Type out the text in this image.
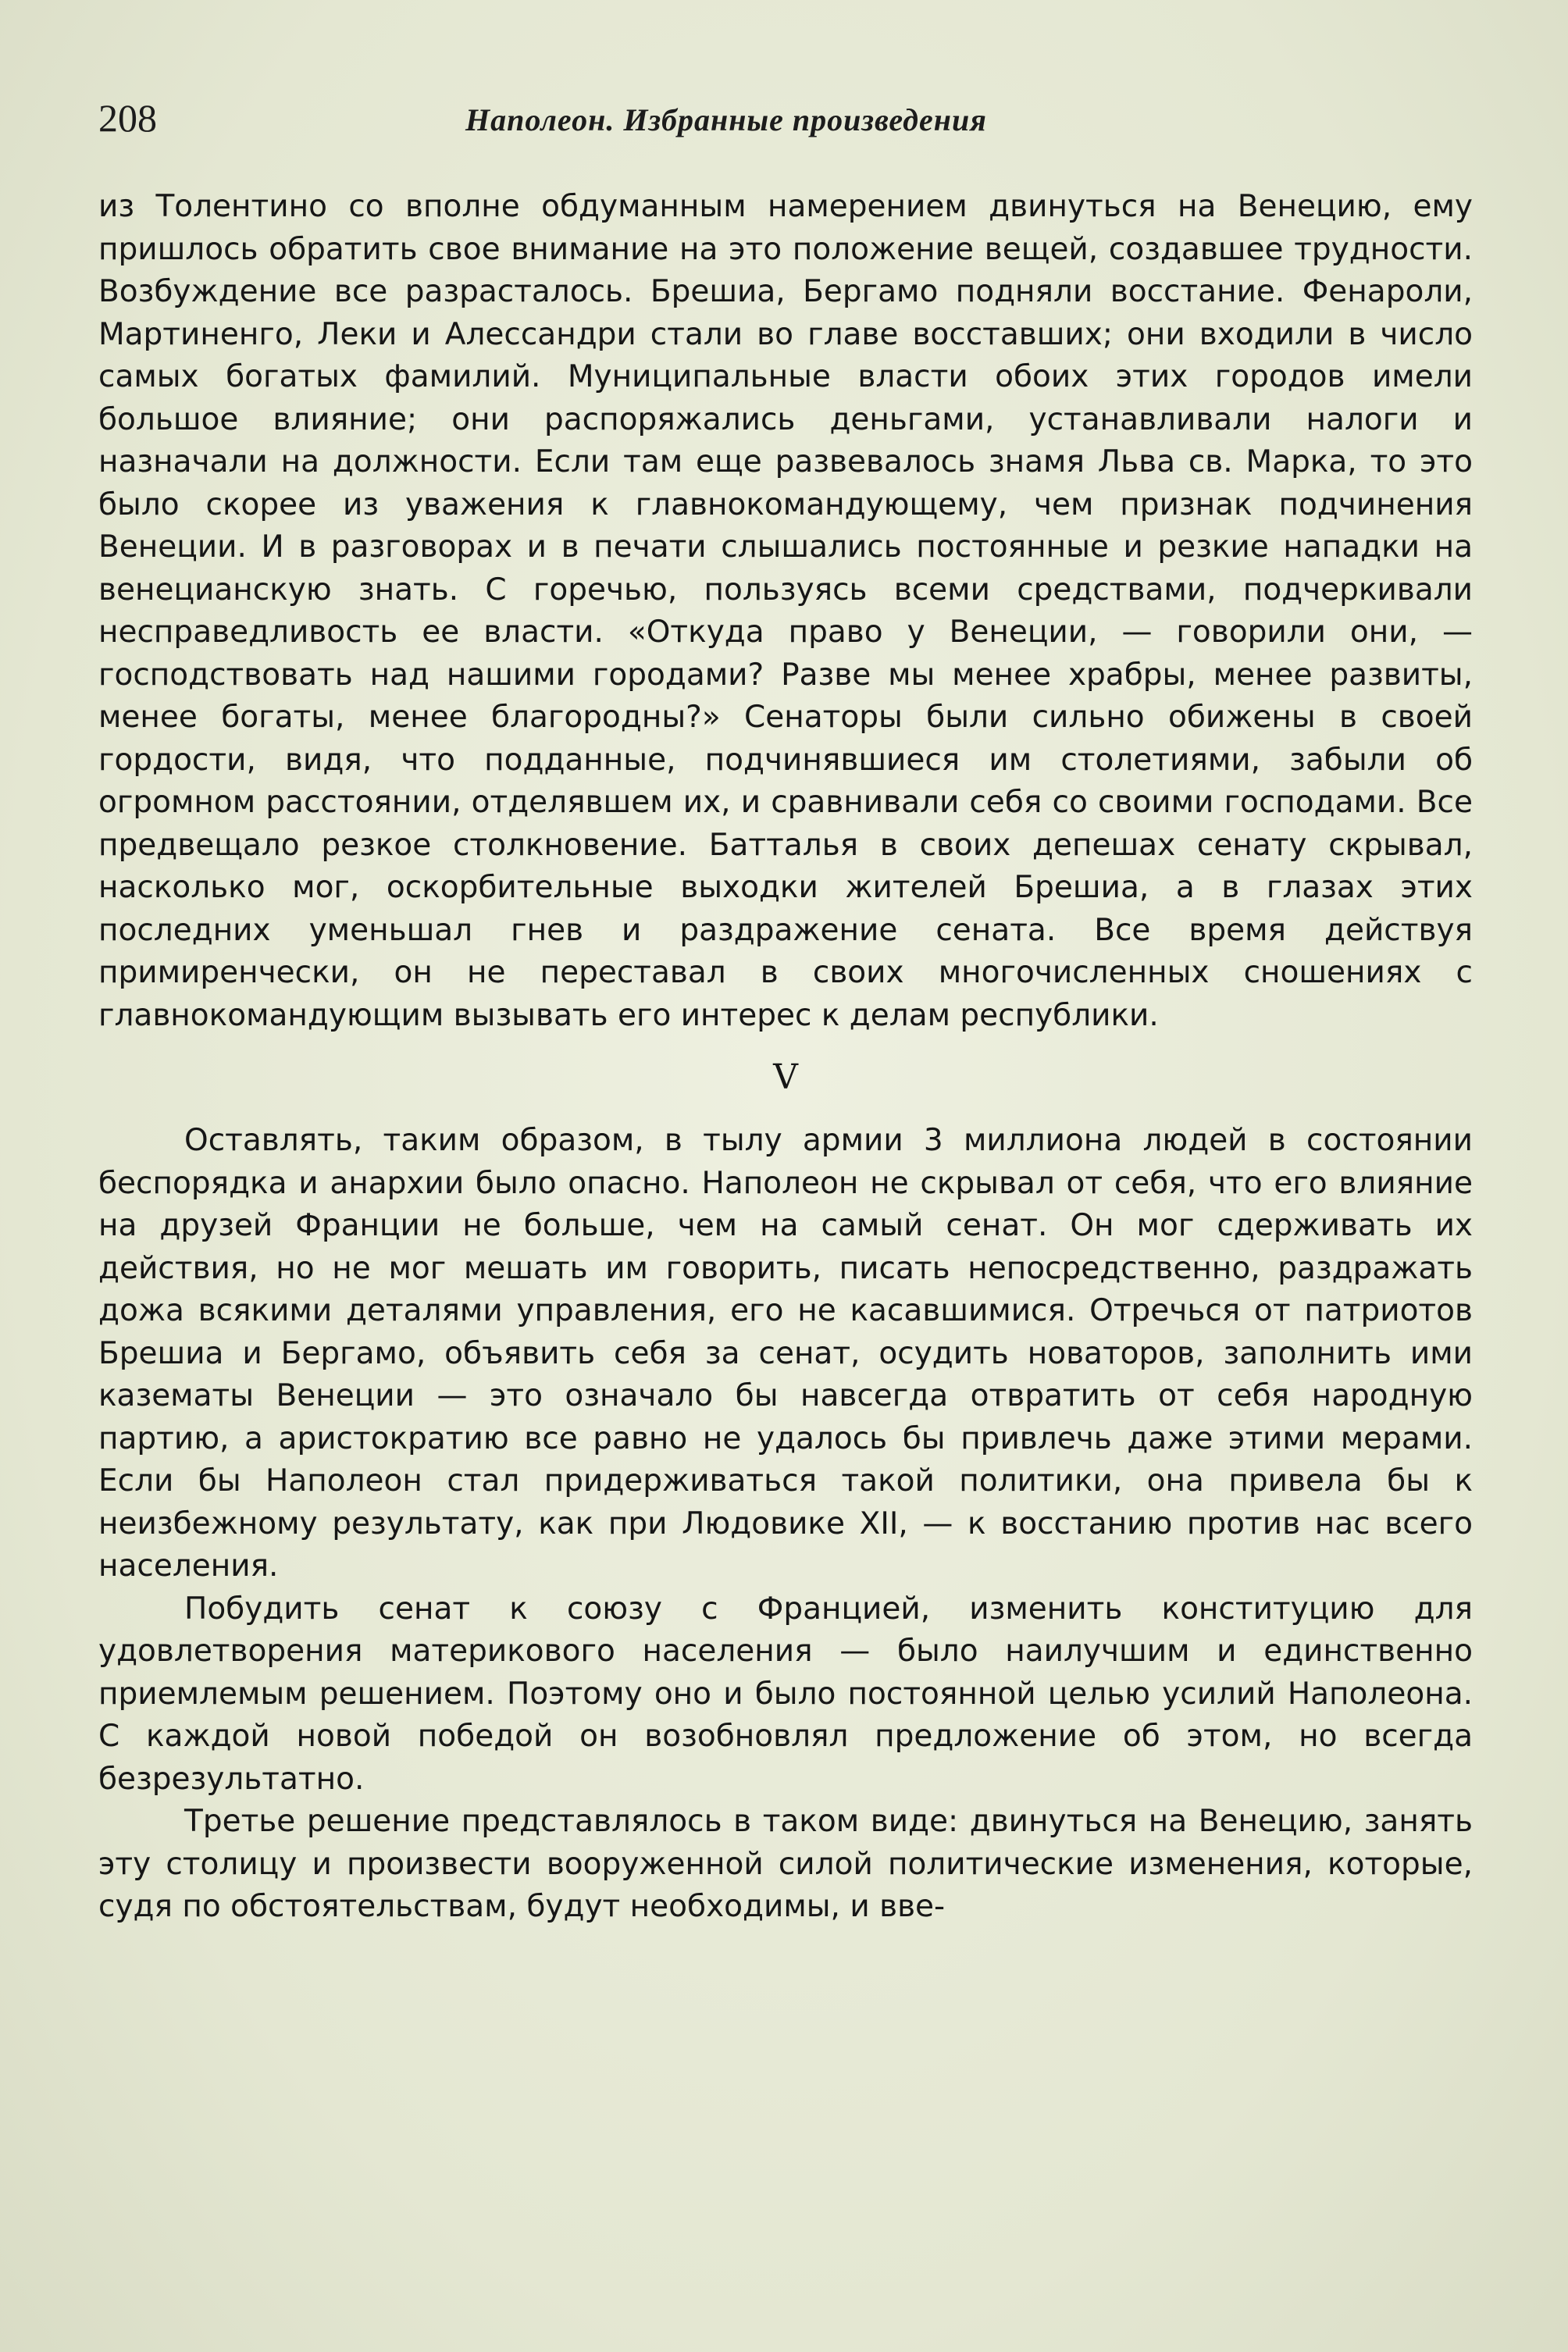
208	Наполеон. Избранные произведения

из Толентино со вполне обдуманным намерением двинуться на Венецию, ему пришлось обратить свое внимание на это положение вещей, создавшее трудности. Возбуждение все разрасталось. Брешиа, Бергамо подняли восстание. Фенароли, Мартиненго, Леки и Алессандри стали во главе восставших; они входили в число самых богатых фамилий. Муниципальные власти обоих этих городов имели большое влияние; они распоряжались деньгами, устанавливали налоги и назначали на должности. Если там еще развевалось знамя Льва св. Марка, то это было скорее из уважения к главнокомандующему, чем признак подчинения Венеции. И в разговорах и в печати слышались постоянные и резкие нападки на венецианскую знать. С горечью, пользуясь всеми средствами, подчеркивали несправедливость ее власти. «Откуда право у Венеции, — говорили они, — господствовать над нашими городами? Разве мы менее храбры, менее развиты, менее богаты, менее благородны?» Сенаторы были сильно обижены в своей гордости, видя, что подданные, подчинявшиеся им столетиями, забыли об огромном расстоянии, отделявшем их, и сравнивали себя со своими господами. Все предвещало резкое столкновение. Батталья в своих депешах сенату скрывал, насколько мог, оскорбительные выходки жителей Брешиа, а в глазах этих последних уменьшал гнев и раздражение сената. Все время действуя примиренчески, он не переставал в своих многочисленных сношениях с главнокомандующим вызывать его интерес к делам республики.

V

Оставлять, таким образом, в тылу армии 3 миллиона людей в состоянии беспорядка и анархии было опасно. Наполеон не скрывал от себя, что его влияние на друзей Франции не больше, чем на самый сенат. Он мог сдерживать их действия, но не мог мешать им говорить, писать непосредственно, раздражать дожа всякими деталями управления, его не касавшимися. Отречься от патриотов Брешиа и Бергамо, объявить себя за сенат, осудить новаторов, заполнить ими казематы Венеции — это означало бы навсегда отвратить от себя народную партию, а аристократию все равно не удалось бы привлечь даже этими мерами. Если бы Наполеон стал придерживаться такой политики, она привела бы к неизбежному результату, как при Людовике XII, — к восстанию против нас всего населения.

Побудить сенат к союзу с Францией, изменить конституцию для удовлетворения материкового населения — было наилучшим и единственно приемлемым решением. Поэтому оно и было постоянной целью усилий Наполеона. С каждой новой победой он возобновлял предложение об этом, но всегда безрезультатно.

Третье решение представлялось в таком виде: двинуться на Венецию, занять эту столицу и произвести вооруженной силой политические изменения, которые, судя по обстоятельствам, будут необходимы, и вве-
